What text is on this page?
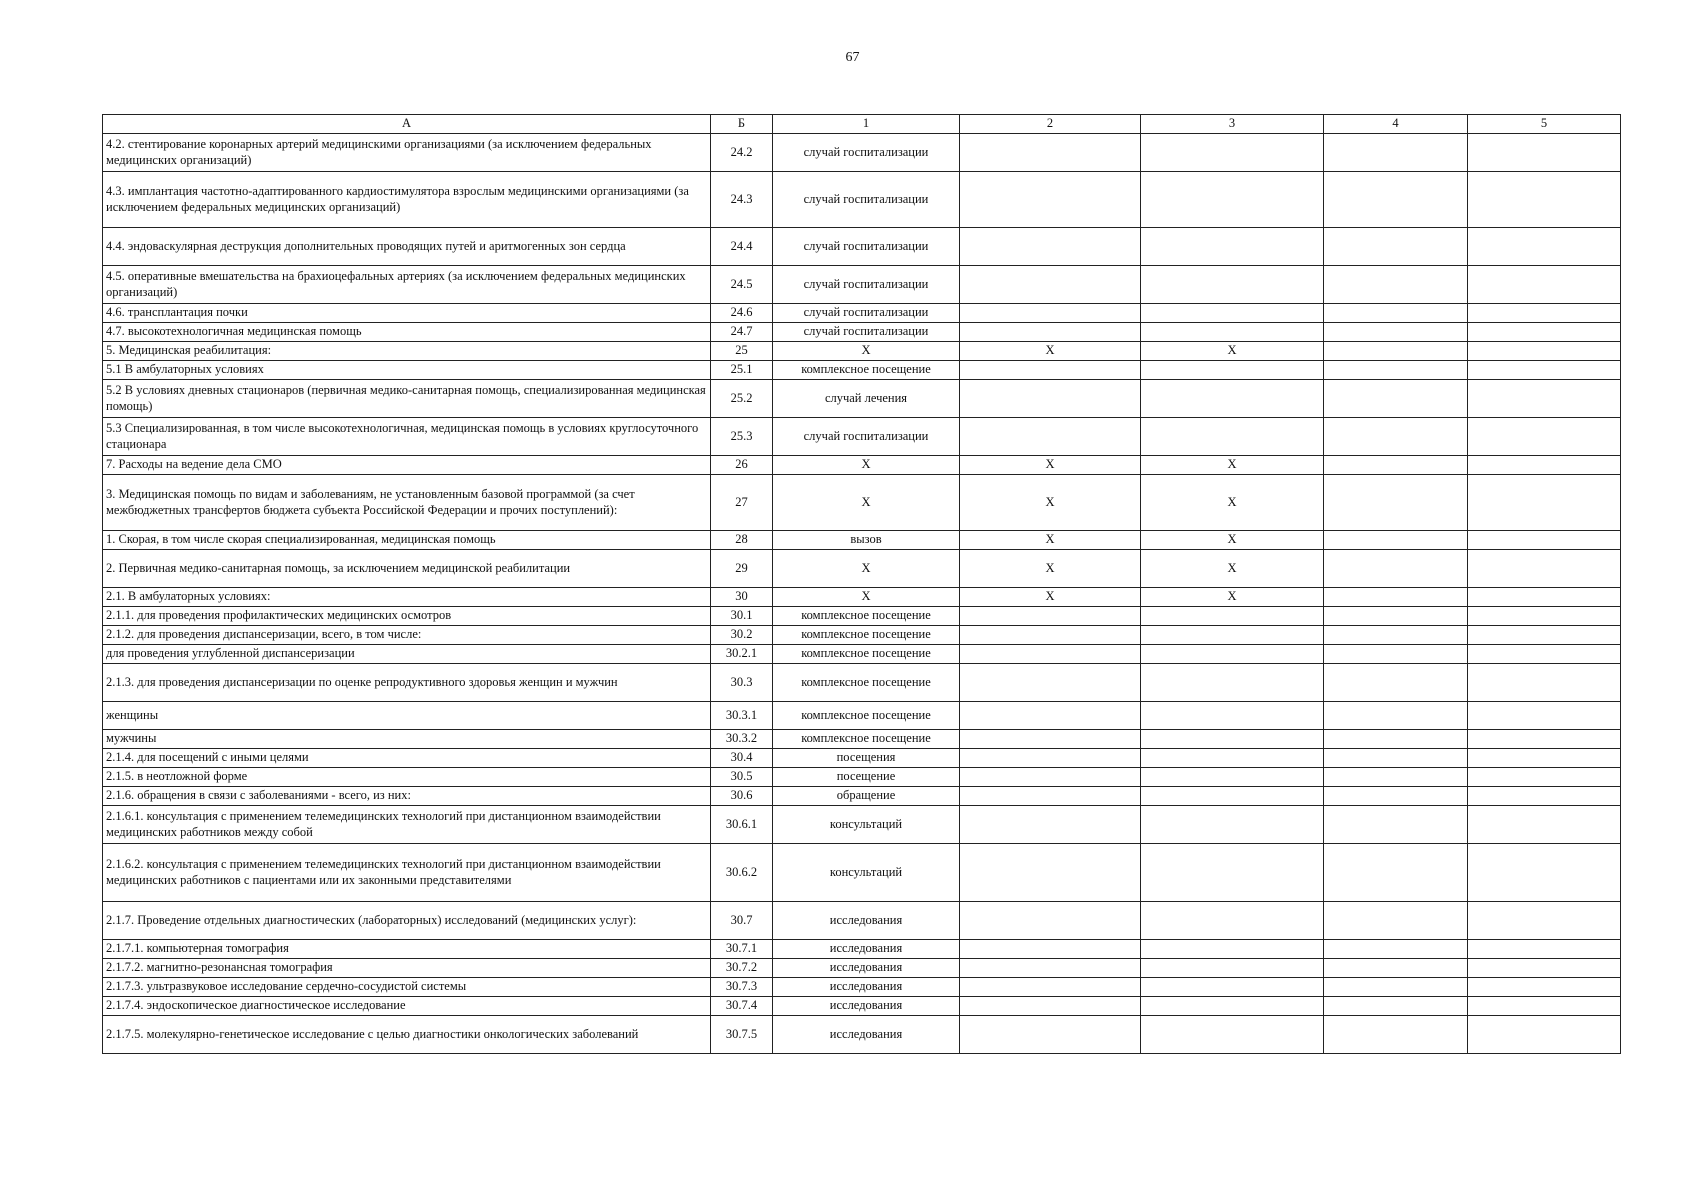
67
А	Б	1	2	3	4	5
4.2. стентирование коронарных артерий медицинскими организациями (за исключением федеральных медицинских организаций)	24.2	случай госпитализации				
4.3. имплантация частотно-адаптированного кардиостимулятора взрослым медицинскими организациями (за исключением федеральных медицинских организаций)	24.3	случай госпитализации				
4.4. эндоваскулярная деструкция дополнительных проводящих путей и аритмогенных зон сердца	24.4	случай госпитализации				
4.5. оперативные вмешательства на брахиоцефальных артериях (за исключением федеральных медицинских организаций)	24.5	случай госпитализации				
4.6. трансплантация почки	24.6	случай госпитализации				
4.7. высокотехнологичная медицинская помощь	24.7	случай госпитализации				
5. Медицинская реабилитация:	25	X	X	X		
5.1 В амбулаторных условиях	25.1	комплексное посещение				
5.2 В условиях дневных стационаров (первичная медико-санитарная помощь, специализированная медицинская помощь)	25.2	случай лечения				
5.3 Специализированная, в том числе высокотехнологичная, медицинская помощь в условиях круглосуточного стационара	25.3	случай госпитализации				
7. Расходы на ведение дела СМО	26	X	X	X		
3. Медицинская помощь по видам и заболеваниям, не установленным базовой программой (за счет межбюджетных трансфертов бюджета субъекта Российской Федерации и прочих поступлений):	27	X	X	X		
1. Скорая, в том числе скорая специализированная, медицинская помощь	28	вызов	X	X		
2. Первичная медико-санитарная помощь, за исключением медицинской реабилитации	29	X	X	X		
2.1. В амбулаторных условиях:	30	X	X	X		
2.1.1. для проведения профилактических медицинских осмотров	30.1	комплексное посещение				
2.1.2. для проведения диспансеризации, всего, в том числе:	30.2	комплексное посещение				
для проведения углубленной диспансеризации	30.2.1	комплексное посещение				
2.1.3. для проведения диспансеризации по оценке репродуктивного здоровья женщин и мужчин	30.3	комплексное посещение				
женщины	30.3.1	комплексное посещение				
мужчины	30.3.2	комплексное посещение				
2.1.4. для посещений с иными целями	30.4	посещения				
2.1.5. в неотложной форме	30.5	посещение				
2.1.6. обращения в связи с заболеваниями - всего, из них:	30.6	обращение				
2.1.6.1. консультация с применением телемедицинских технологий при дистанционном взаимодействии медицинских работников между собой	30.6.1	консультаций				
2.1.6.2. консультация с применением телемедицинских технологий при дистанционном взаимодействии медицинских работников с пациентами или их законными представителями	30.6.2	консультаций				
2.1.7. Проведение отдельных диагностических (лабораторных) исследований (медицинских услуг):	30.7	исследования				
2.1.7.1. компьютерная томография	30.7.1	исследования				
2.1.7.2. магнитно-резонансная томография	30.7.2	исследования				
2.1.7.3. ультразвуковое исследование сердечно-сосудистой системы	30.7.3	исследования				
2.1.7.4. эндоскопическое диагностическое исследование	30.7.4	исследования				
2.1.7.5. молекулярно-генетическое исследование с целью диагностики онкологических заболеваний	30.7.5	исследования				
